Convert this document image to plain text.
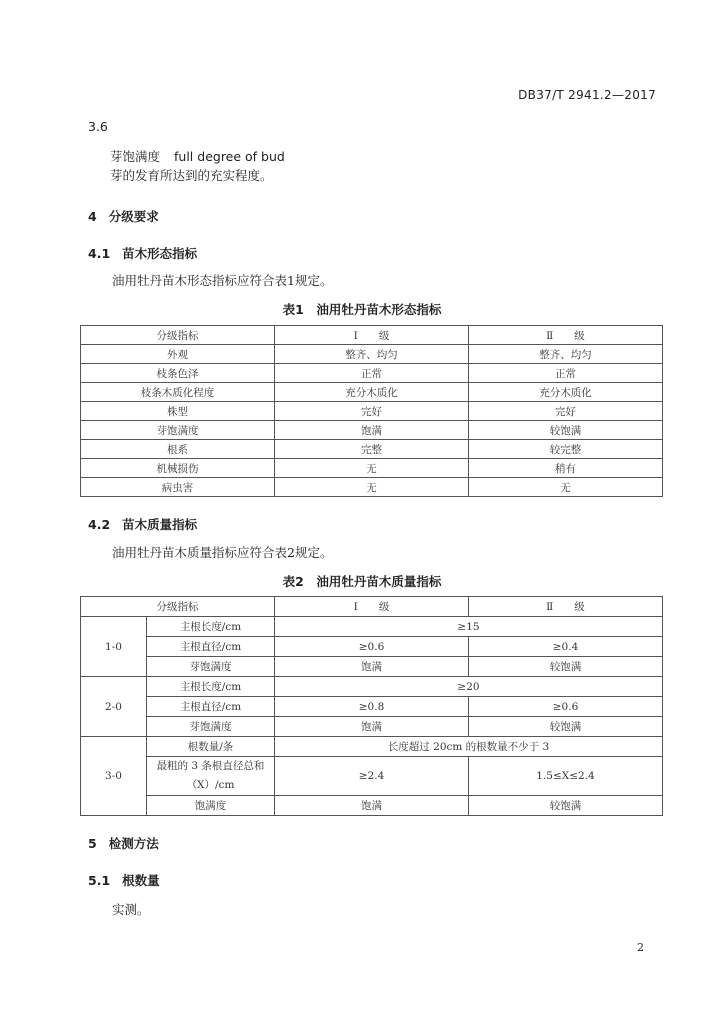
DB37/T 2941.2—2017
3.6
芽饱满度 full degree of bud
芽的发育所达到的充实程度。
4 分级要求
4.1 苗木形态指标
油用牡丹苗木形态指标应符合表1规定。
表1　油用牡丹苗木形态指标
分级指标	Ⅰ　　级	Ⅱ　　级
外观	整齐、均匀	整齐、均匀
枝条色泽	正常	正常
枝条木质化程度	充分木质化	充分木质化
株型	完好	完好
芽饱满度	饱满	较饱满
根系	完整	较完整
机械损伤	无	稍有
病虫害	无	无
4.2 苗木质量指标
油用牡丹苗木质量指标应符合表2规定。
表2　油用牡丹苗木质量指标
分级指标		Ⅰ　　级	Ⅱ　　级
1-0	主根长度/cm	≥15	
	主根直径/cm	≥0.6	≥0.4
	芽饱满度	饱满	较饱满
2-0	主根长度/cm	≥20	
	主根直径/cm	≥0.8	≥0.6
	芽饱满度	饱满	较饱满
3-0	根数量/条	长度超过 20cm 的根数量不少于 3	
	最粗的 3 条根直径总和（X）/cm	≥2.4	1.5≤X≤2.4
	饱满度	饱满	较饱满
5 检测方法
5.1 根数量
实测。
2
